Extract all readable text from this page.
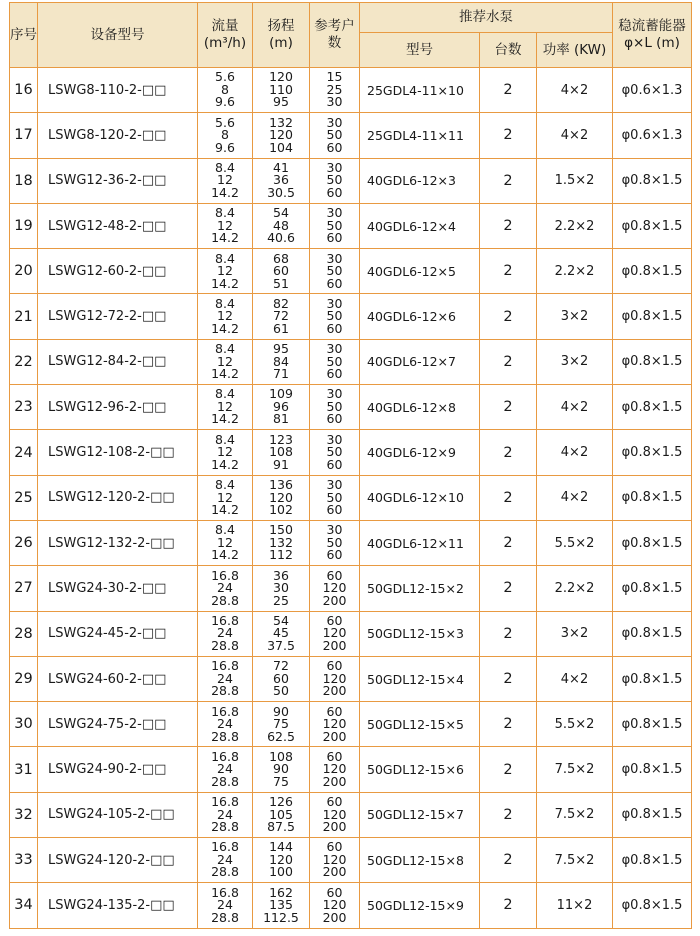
序号	设备型号	流量
(m³/h)	扬程
(m)	参考户数	推荐水泵			稳流蓄能器
φ×L (m)

					型号	台数	功率 (KW)	
16	LSWG8-110-2-□□	5.6
8
9.6	120
110
95	15
25
30	25GDL4-11×10	2	4×2	φ0.6×1.3
17	LSWG8-120-2-□□	5.6
8
9.6	132
120
104	30
50
60	25GDL4-11×11	2	4×2	φ0.6×1.3
18	LSWG12-36-2-□□	8.4
12
14.2	41
36
30.5	30
50
60	40GDL6-12×3	2	1.5×2	φ0.8×1.5
19	LSWG12-48-2-□□	8.4
12
14.2	54
48
40.6	30
50
60	40GDL6-12×4	2	2.2×2	φ0.8×1.5
20	LSWG12-60-2-□□	8.4
12
14.2	68
60
51	30
50
60	40GDL6-12×5	2	2.2×2	φ0.8×1.5
21	LSWG12-72-2-□□	8.4
12
14.2	82
72
61	30
50
60	40GDL6-12×6	2	3×2	φ0.8×1.5
22	LSWG12-84-2-□□	8.4
12
14.2	95
84
71	30
50
60	40GDL6-12×7	2	3×2	φ0.8×1.5
23	LSWG12-96-2-□□	8.4
12
14.2	109
96
81	30
50
60	40GDL6-12×8	2	4×2	φ0.8×1.5
24	LSWG12-108-2-□□	8.4
12
14.2	123
108
91	30
50
60	40GDL6-12×9	2	4×2	φ0.8×1.5
25	LSWG12-120-2-□□	8.4
12
14.2	136
120
102	30
50
60	40GDL6-12×10	2	4×2	φ0.8×1.5
26	LSWG12-132-2-□□	8.4
12
14.2	150
132
112	30
50
60	40GDL6-12×11	2	5.5×2	φ0.8×1.5
27	LSWG24-30-2-□□	16.8
24
28.8	36
30
25	60
120
200	50GDL12-15×2	2	2.2×2	φ0.8×1.5
28	LSWG24-45-2-□□	16.8
24
28.8	54
45
37.5	60
120
200	50GDL12-15×3	2	3×2	φ0.8×1.5
29	LSWG24-60-2-□□	16.8
24
28.8	72
60
50	60
120
200	50GDL12-15×4	2	4×2	φ0.8×1.5
30	LSWG24-75-2-□□	16.8
24
28.8	90
75
62.5	60
120
200	50GDL12-15×5	2	5.5×2	φ0.8×1.5
31	LSWG24-90-2-□□	16.8
24
28.8	108
90
75	60
120
200	50GDL12-15×6	2	7.5×2	φ0.8×1.5
32	LSWG24-105-2-□□	16.8
24
28.8	126
105
87.5	60
120
200	50GDL12-15×7	2	7.5×2	φ0.8×1.5
33	LSWG24-120-2-□□	16.8
24
28.8	144
120
100	60
120
200	50GDL12-15×8	2	7.5×2	φ0.8×1.5
34	LSWG24-135-2-□□	16.8
24
28.8	162
135
112.5	60
120
200	50GDL12-15×9	2	11×2	φ0.8×1.5
